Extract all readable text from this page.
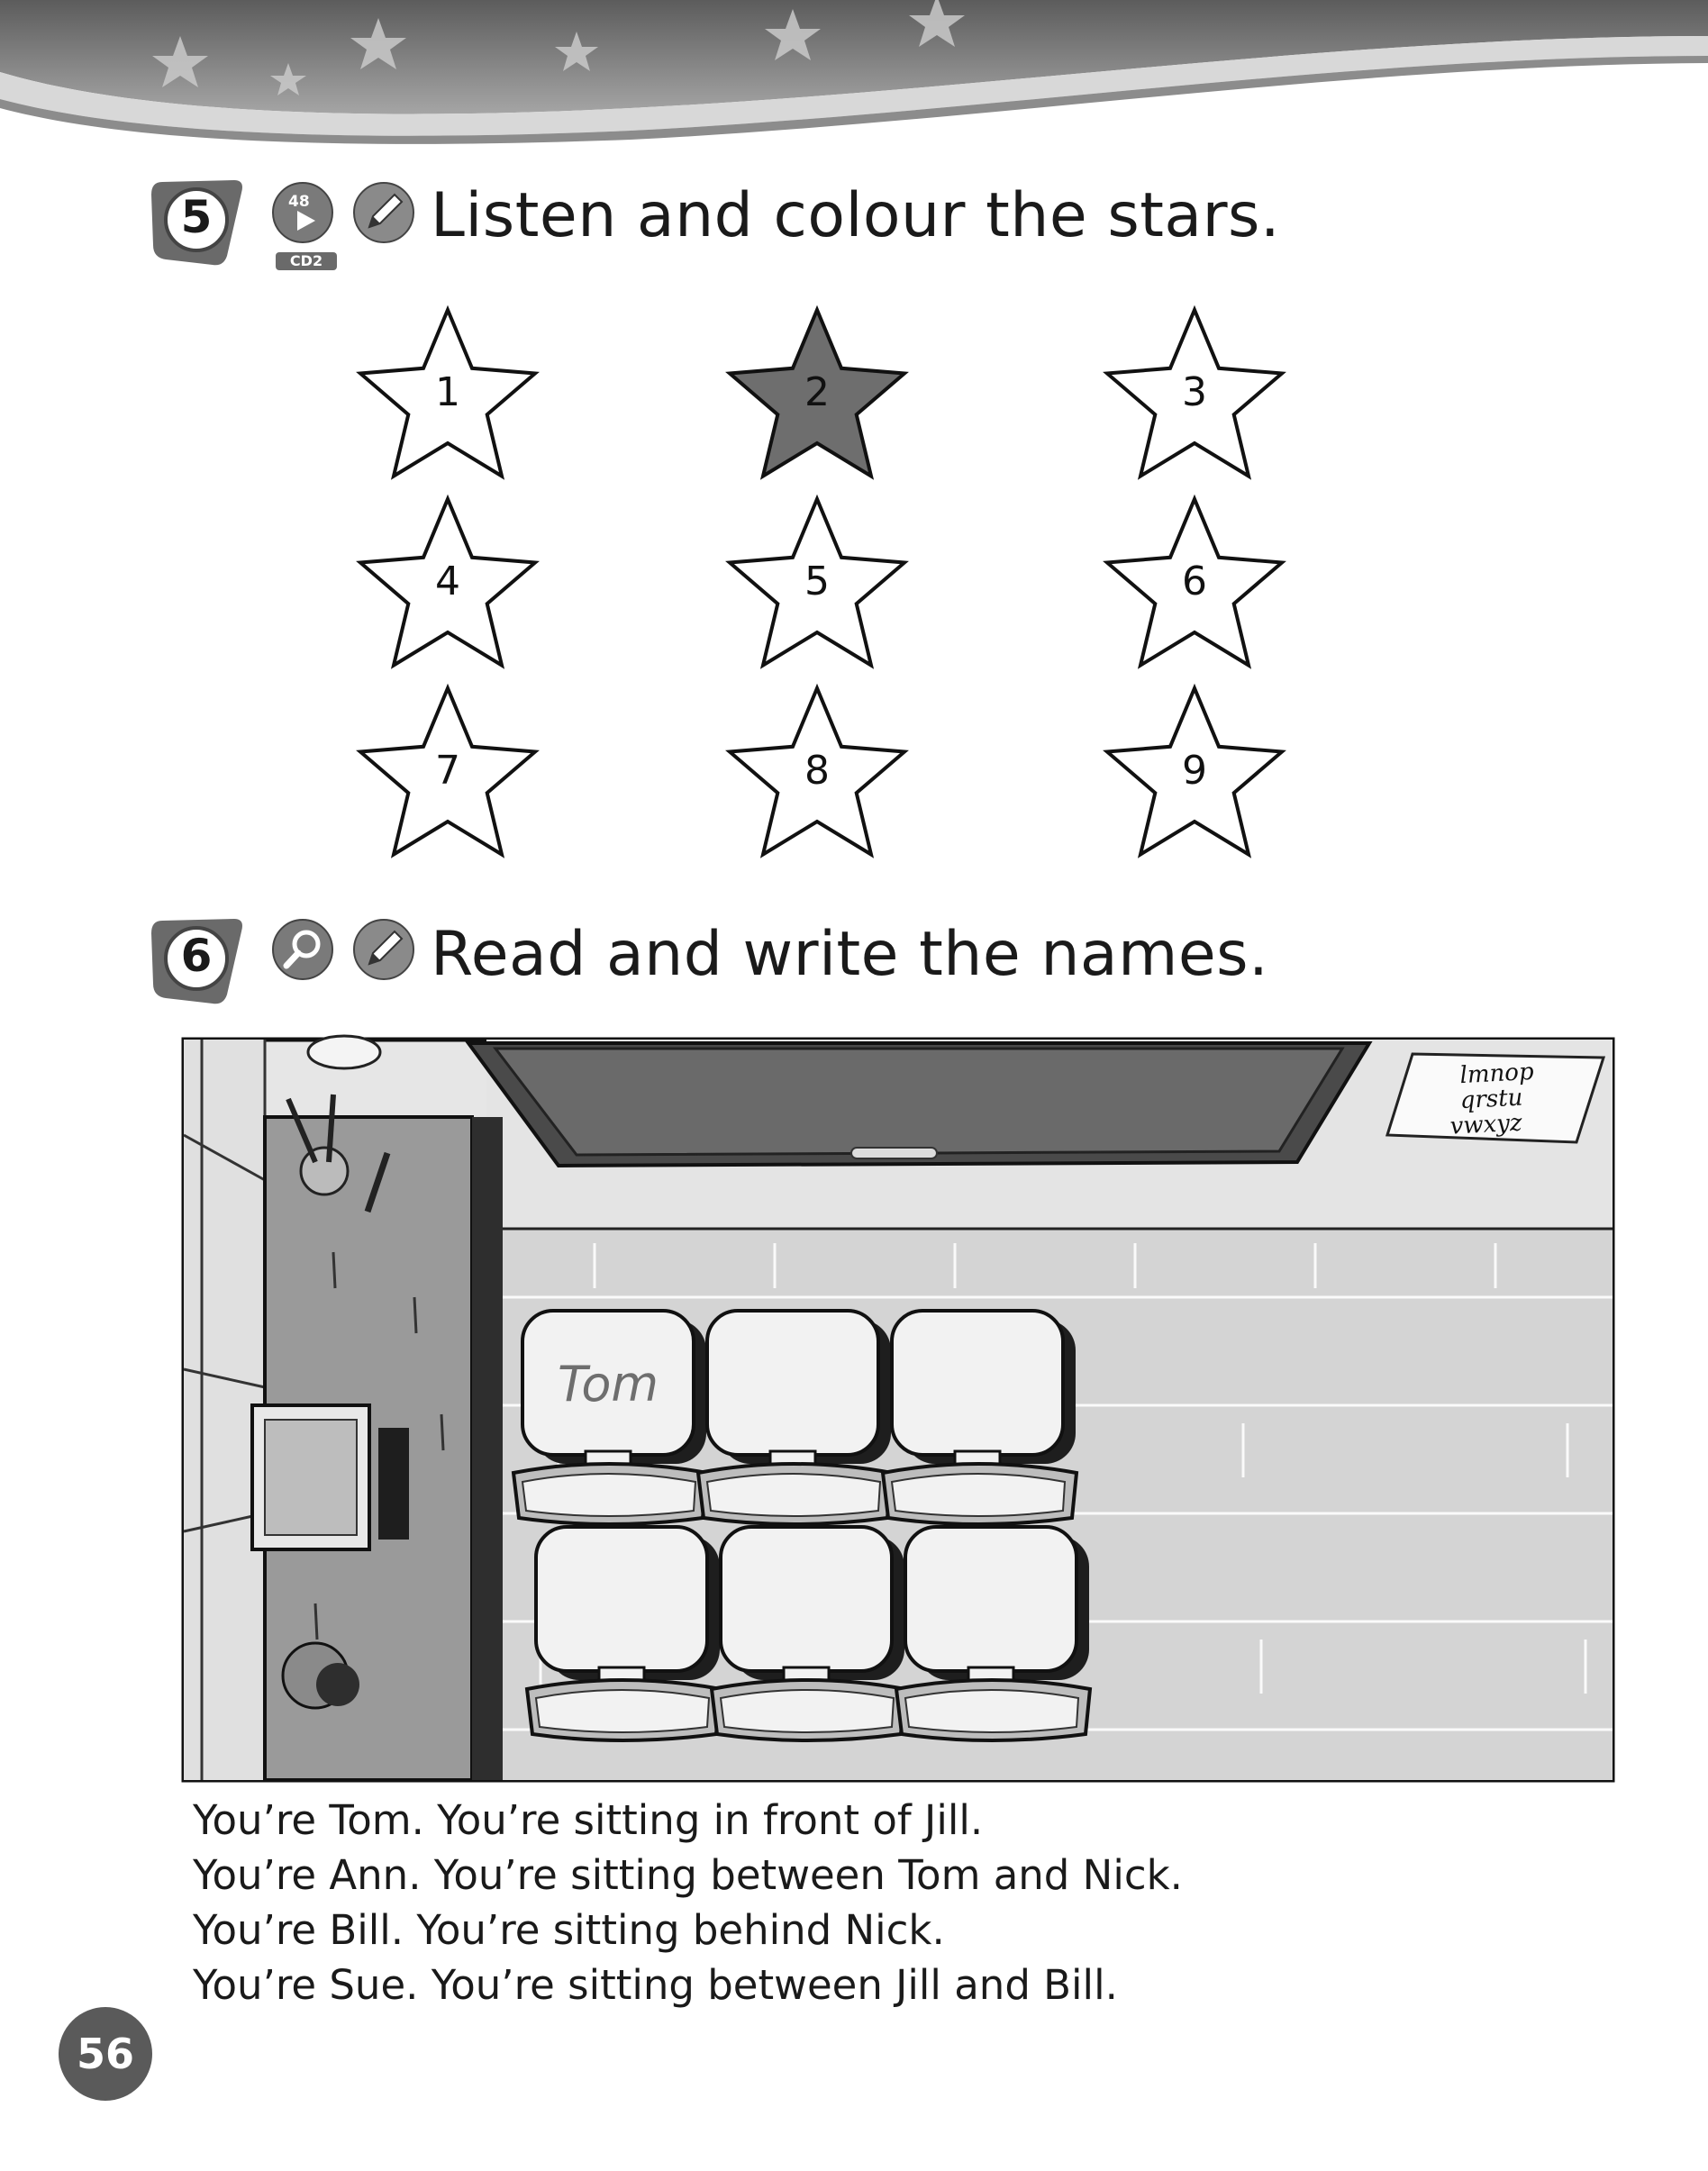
5	48
CD2
Listen and colour the stars.
1	2	3
4	5	6
7	8	9
6	Read and write the names.
Tom
lmnop
qrstu
vwxyz
You’re Tom. You’re sitting in front of Jill.
You’re Ann. You’re sitting between Tom and Nick.
You’re Bill. You’re sitting behind Nick.
You’re Sue. You’re sitting between Jill and Bill.
56
